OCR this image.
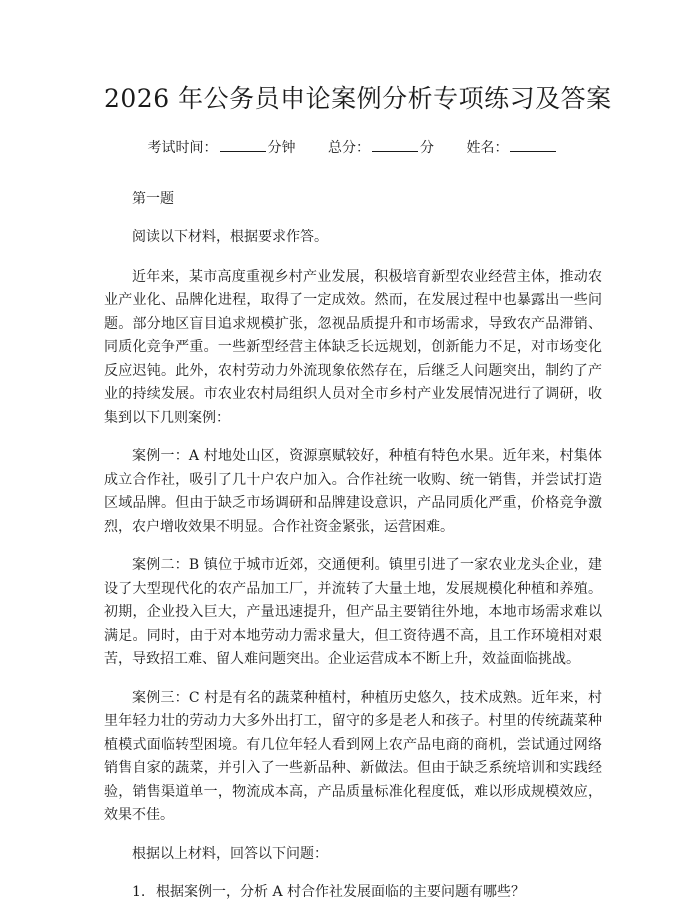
2026 年公务员申论案例分析专项练习及答案
考试时间：	分钟 总分：	分 姓名：
第一题

阅读以下材料，根据要求作答。

近年来，某市高度重视乡村产业发展，积极培育新型农业经营主体，推动农业产业化、品牌化进程，取得了一定成效。然而，在发展过程中也暴露出一些问题。部分地区盲目追求规模扩张，忽视品质提升和市场需求，导致农产品滞销、同质化竞争严重。一些新型经营主体缺乏长远规划，创新能力不足，对市场变化反应迟钝。此外，农村劳动力外流现象依然存在，后继乏人问题突出，制约了产业的持续发展。市农业农村局组织人员对全市乡村产业发展情况进行了调研，收集到以下几则案例：

案例一：A 村地处山区，资源禀赋较好，种植有特色水果。近年来，村集体成立合作社，吸引了几十户农户加入。合作社统一收购、统一销售，并尝试打造区域品牌。但由于缺乏市场调研和品牌建设意识，产品同质化严重，价格竞争激烈，农户增收效果不明显。合作社资金紧张，运营困难。

案例二：B 镇位于城市近郊，交通便利。镇里引进了一家农业龙头企业，建设了大型现代化的农产品加工厂，并流转了大量土地，发展规模化种植和养殖。初期，企业投入巨大，产量迅速提升，但产品主要销往外地，本地市场需求难以满足。同时，由于对本地劳动力需求量大，但工资待遇不高，且工作环境相对艰苦，导致招工难、留人难问题突出。企业运营成本不断上升，效益面临挑战。

案例三：C 村是有名的蔬菜种植村，种植历史悠久，技术成熟。近年来，村里年轻力壮的劳动力大多外出打工，留守的多是老人和孩子。村里的传统蔬菜种植模式面临转型困境。有几位年轻人看到网上农产品电商的商机，尝试通过网络销售自家的蔬菜，并引入了一些新品种、新做法。但由于缺乏系统培训和实践经验，销售渠道单一，物流成本高，产品质量标准化程度低，难以形成规模效应，效果不佳。

根据以上材料，回答以下问题：

1. 根据案例一，分析 A 村合作社发展面临的主要问题有哪些？
